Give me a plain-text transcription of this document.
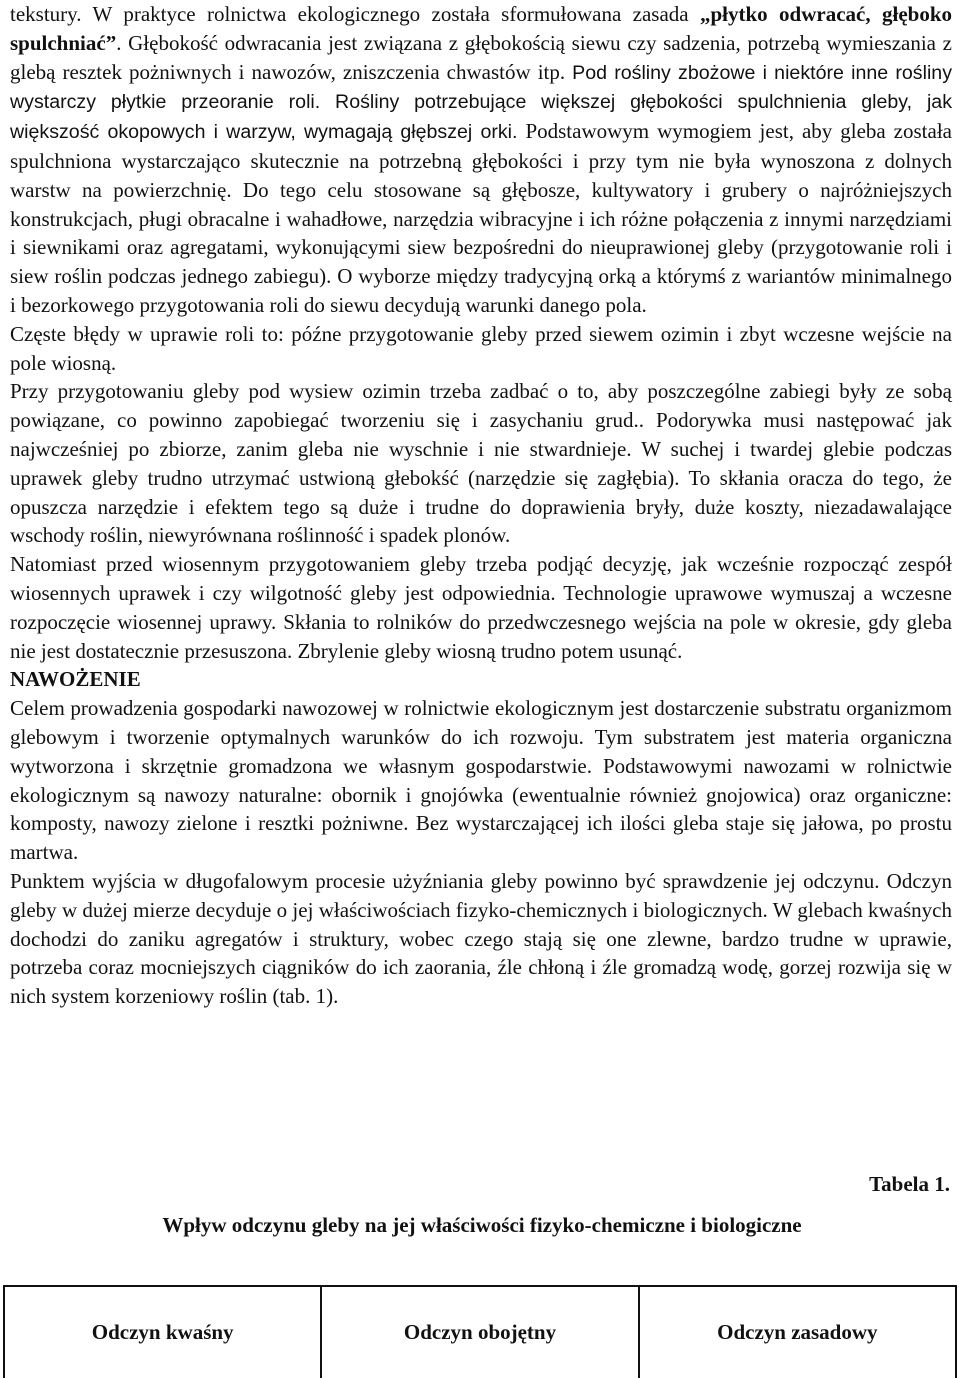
tekstury. W praktyce rolnictwa ekologicznego została sformułowana zasada „płytko odwracać, głęboko spulchniać”. Głębokość odwracania jest związana z głębokością siewu czy sadzenia, potrzebą wymieszania z glebą resztek pożniwnych i nawozów, zniszczenia chwastów itp. Pod rośliny zbożowe i niektóre inne rośliny wystarczy płytkie przeoranie roli. Rośliny potrzebujące większej głębokości spulchnienia gleby, jak większość okopowych i warzyw, wymagają głębszej orki. Podstawowym wymogiem jest, aby gleba została spulchniona wystarczająco skutecznie na potrzebną głębokości i przy tym nie była wynoszona z dolnych warstw na powierzchnię. Do tego celu stosowane są głębosze, kultywatory i grubery o najróżniejszych konstrukcjach, pługi obracalne i wahadłowe, narzędzia wibracyjne i ich różne połączenia z innymi narzędziami i siewnikami oraz agregatami, wykonującymi siew bezpośredni do nieuprawionej gleby (przygotowanie roli i siew roślin podczas jednego zabiegu). O wyborze między tradycyjną orką a którymś z wariantów minimalnego i bezorkowego przygotowania roli do siewu decydują warunki danego pola.

Częste błędy w uprawie roli to: późne przygotowanie gleby przed siewem ozimin i zbyt wczesne wejście na pole wiosną.

Przy przygotowaniu gleby pod wysiew ozimin trzeba zadbać o to, aby poszczególne zabiegi były ze sobą powiązane, co powinno zapobiegać tworzeniu się i zasychaniu grud.. Podorywka musi następować jak najwcześniej po zbiorze, zanim gleba nie wyschnie i nie stwardnieje. W suchej i twardej glebie podczas uprawek gleby trudno utrzymać ustwioną głebokść (narzędzie się zagłębia). To skłania oracza do tego, że opuszcza narzędzie i efektem tego są duże i trudne do doprawienia bryły, duże koszty, niezadawalające wschody roślin, niewyrównana roślinność i spadek plonów.

Natomiast przed wiosennym przygotowaniem gleby trzeba podjąć decyzję, jak wcześnie rozpocząć zespół wiosennych uprawek i czy wilgotność gleby jest odpowiednia. Technologie uprawowe wymuszaj a wczesne rozpoczęcie wiosennej uprawy. Skłania to rolników do przedwczesnego wejścia na pole w okresie, gdy gleba nie jest dostatecznie przesuszona. Zbrylenie gleby wiosną trudno potem usunąć.

NAWOŻENIE

Celem prowadzenia gospodarki nawozowej w rolnictwie ekologicznym jest dostarczenie substratu organizmom glebowym i tworzenie optymalnych warunków do ich rozwoju. Tym substratem jest materia organiczna wytworzona i skrzętnie gromadzona we własnym gospodarstwie. Podstawowymi nawozami w rolnictwie ekologicznym są nawozy naturalne: obornik i gnojówka (ewentualnie również gnojowica) oraz organiczne: komposty, nawozy zielone i resztki pożniwne. Bez wystarczającej ich ilości gleba staje się jałowa, po prostu martwa.

Punktem wyjścia w długofalowym procesie użyźniania gleby powinno być sprawdzenie jej odczynu. Odczyn gleby w dużej mierze decyduje o jej właściwościach fizyko-chemicznych i biologicznych. W glebach kwaśnych dochodzi do zaniku agregatów i struktury, wobec czego stają się one zlewne, bardzo trudne w uprawie, potrzeba coraz mocniejszych ciągników do ich zaorania, źle chłoną i źle gromadzą wodę, gorzej rozwija się w nich system korzeniowy roślin (tab. 1).

Tabela 1.

Wpływ odczynu gleby na jej właściwości fizyko-chemiczne i biologiczne

Odczyn kwaśny	Odczyn obojętny	Odczyn zasadowy
